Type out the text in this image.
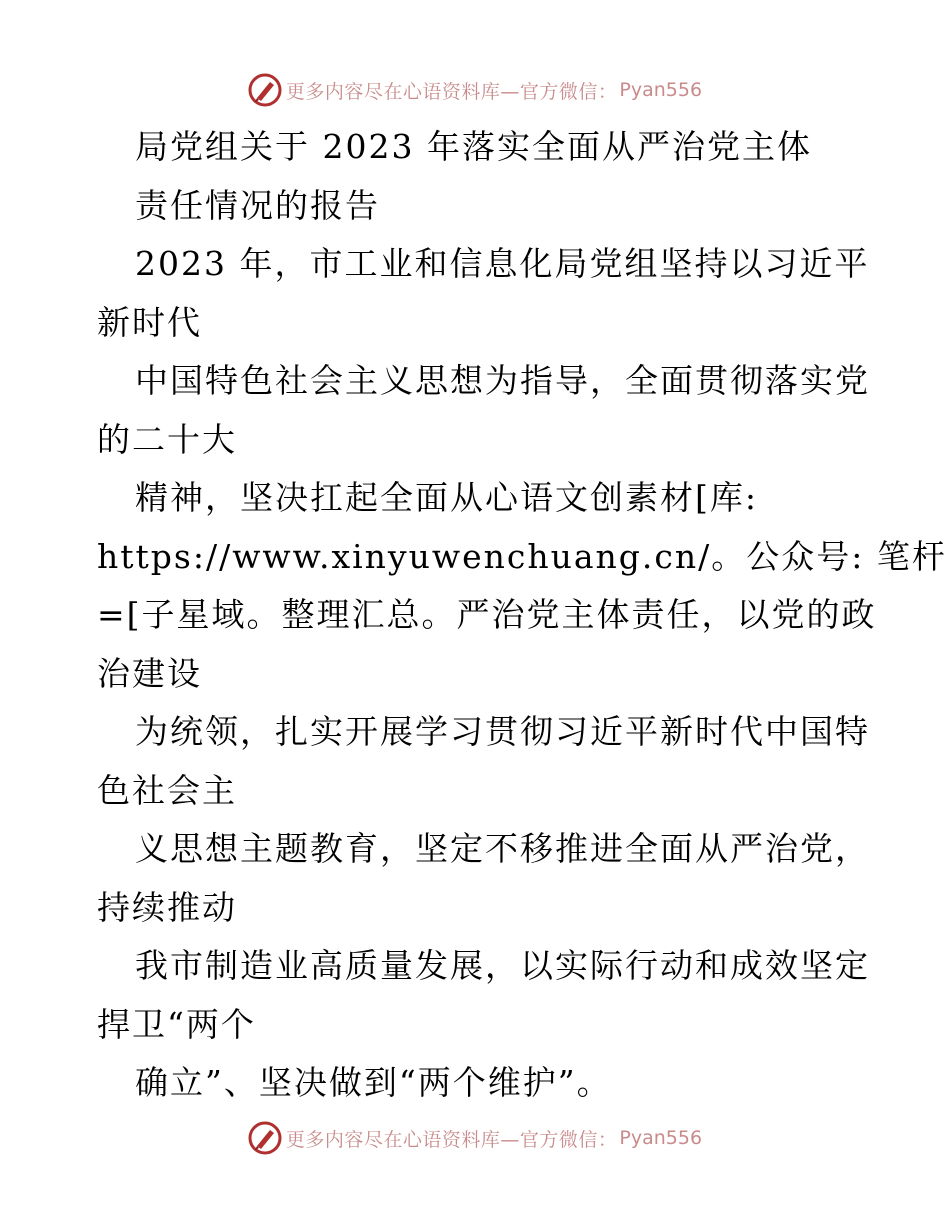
更多内容尽在心语资料库—官方微信： Pyan556
局党组关于 2023 年落实全面从严治党主体
责任情况的报告
2023 年，市工业和信息化局党组坚持以习近平
新时代
中国特色社会主义思想为指导，全面贯彻落实党
的二十大
精神，坚决扛起全面从心语文创素材[库:
https://www.xinyuwenchuang.cn/。公众号: 笔杆
=[子星域。整理汇总。严治党主体责任，以党的政
治建设
为统领，扎实开展学习贯彻习近平新时代中国特
色社会主
义思想主题教育，坚定不移推进全面从严治党，
持续推动
我市制造业高质量发展，以实际行动和成效坚定
捍卫“两个
确立”、坚决做到“两个维护”。
更多内容尽在心语资料库—官方微信： Pyan556
